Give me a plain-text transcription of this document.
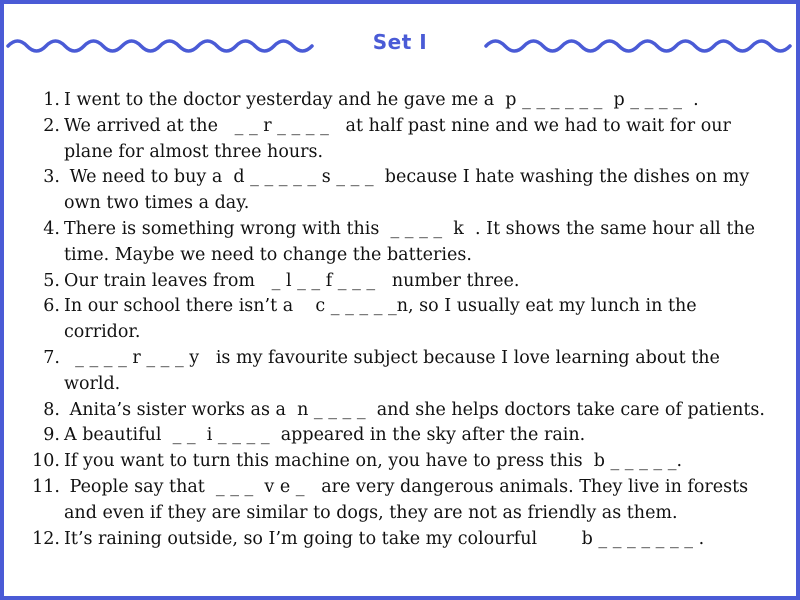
Set I
1. I went to the doctor yesterday and he gave me a  p _ _ _ _ _ _  p _ _ _ _  .
2. We arrived at the   _ _ r _ _ _ _   at half past nine and we had to wait for our plane for almost three hours.
3. We need to buy a  d _ _ _ _ _ s _ _ _  because I hate washing the dishes on my own two times a day.
4. There is something wrong with this  _ _ _ _  k  . It shows the same hour all the time. Maybe we need to change the batteries.
5. Our train leaves from   _ l _ _ f _ _ _   number three.
6. In our school there isn’t a    c _ _ _ _ _n, so I usually eat my lunch in the corridor.
7. _ _ _ _ r _ _ _ y   is my favourite subject because I love learning about the world.
8. Anita’s sister works as a  n _ _ _ _  and she helps doctors take care of patients.
9. A beautiful  _ _  i _ _ _ _  appeared in the sky after the rain.
10. If you want to turn this machine on, you have to press this  b _ _ _ _ _.
11. People say that  _ _ _  v e _   are very dangerous animals. They live in forests and even if they are similar to dogs, they are not as friendly as them.
12. It’s raining outside, so I’m going to take my colourful        b _ _ _ _ _ _ _ .
